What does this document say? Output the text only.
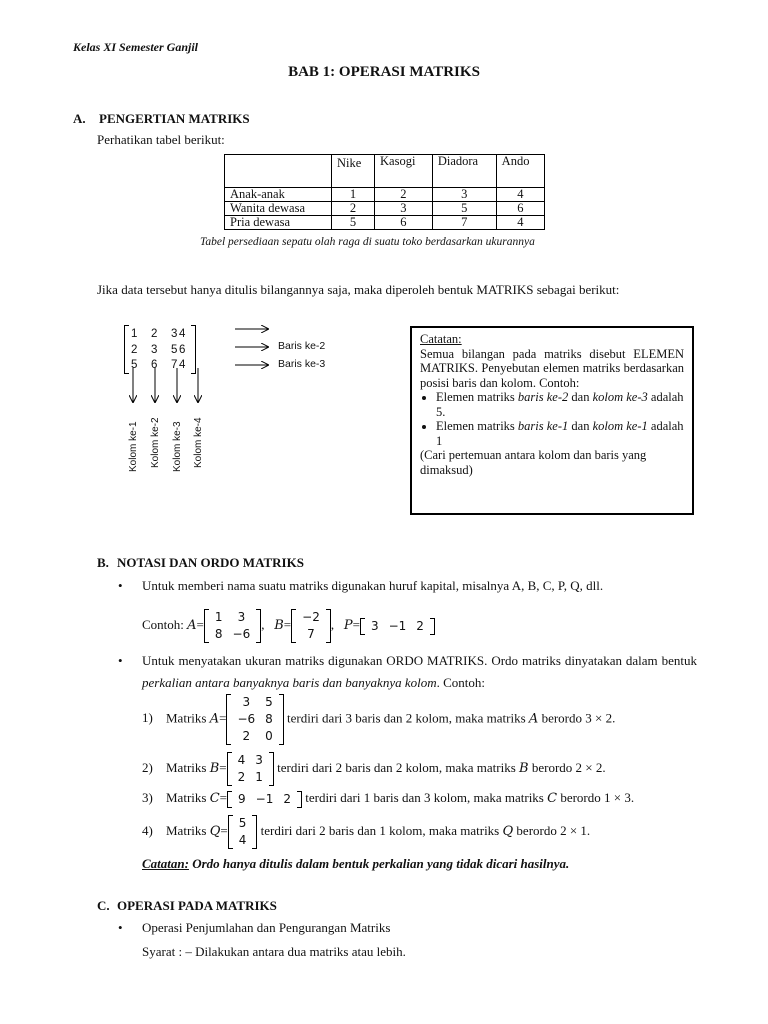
Kelas XI Semester Ganjil
BAB 1: OPERASI MATRIKS
A. PENGERTIAN MATRIKS
Perhatikan tabel berikut:
	Nike	Kasogi	Diadora	Ando
Anak-anak	1	2	3	4
Wanita dewasa	2	3	5	6
Pria dewasa	5	6	7	4
Tabel persediaan sepatu olah raga di suatu toko berdasarkan ukurannya
Jika data tersebut hanya ditulis bilangannya saja, maka diperoleh bentuk MATRIKS sebagai berikut:
1 2 3 4
2 3 5 6
5 6 7 4
Baris ke-2
Baris ke-3
Kolom ke-1 Kolom ke-2 Kolom ke-3 Kolom ke-4
Catatan:
Semua bilangan pada matriks disebut ELEMEN MATRIKS. Penyebutan elemen matriks berdasarkan posisi baris dan kolom. Contoh:
• Elemen matriks baris ke-2 dan kolom ke-3 adalah 5.
• Elemen matriks baris ke-1 dan kolom ke-1 adalah 1
(Cari pertemuan antara kolom dan baris yang dimaksud)
B. NOTASI DAN ORDO MATRIKS
• Untuk memberi nama suatu matriks digunakan huruf kapital, misalnya A, B, C, P, Q, dll.
Contoh: A= 1	3
8	−6
,   B= −2
7
,   P= 3	−1	2
•	Untuk menyatakan ukuran matriks digunakan ORDO MATRIKS. Ordo matriks dinyatakan dalam bentuk perkalian antara banyaknya baris dan banyaknya kolom. Contoh:
1) Matriks A=
3	5
−6	8
2	0
terdiri dari 3 baris dan 2 kolom, maka matriks A berordo 3 × 2.
2) Matriks B= 4	3
2	1
terdiri dari 2 baris dan 2 kolom, maka matriks B berordo 2 × 2.
3) Matriks C= 9	−1	2 terdiri dari 1 baris dan 3 kolom, maka matriks C berordo 1 × 3.
4) Matriks Q= 5
4
terdiri dari 2 baris dan 1 kolom, maka matriks Q berordo 2 × 1.
Catatan: Ordo hanya ditulis dalam bentuk perkalian yang tidak dicari hasilnya.
C. OPERASI PADA MATRIKS
• Operasi Penjumlahan dan Pengurangan Matriks
Syarat : – Dilakukan antara dua matriks atau lebih.
